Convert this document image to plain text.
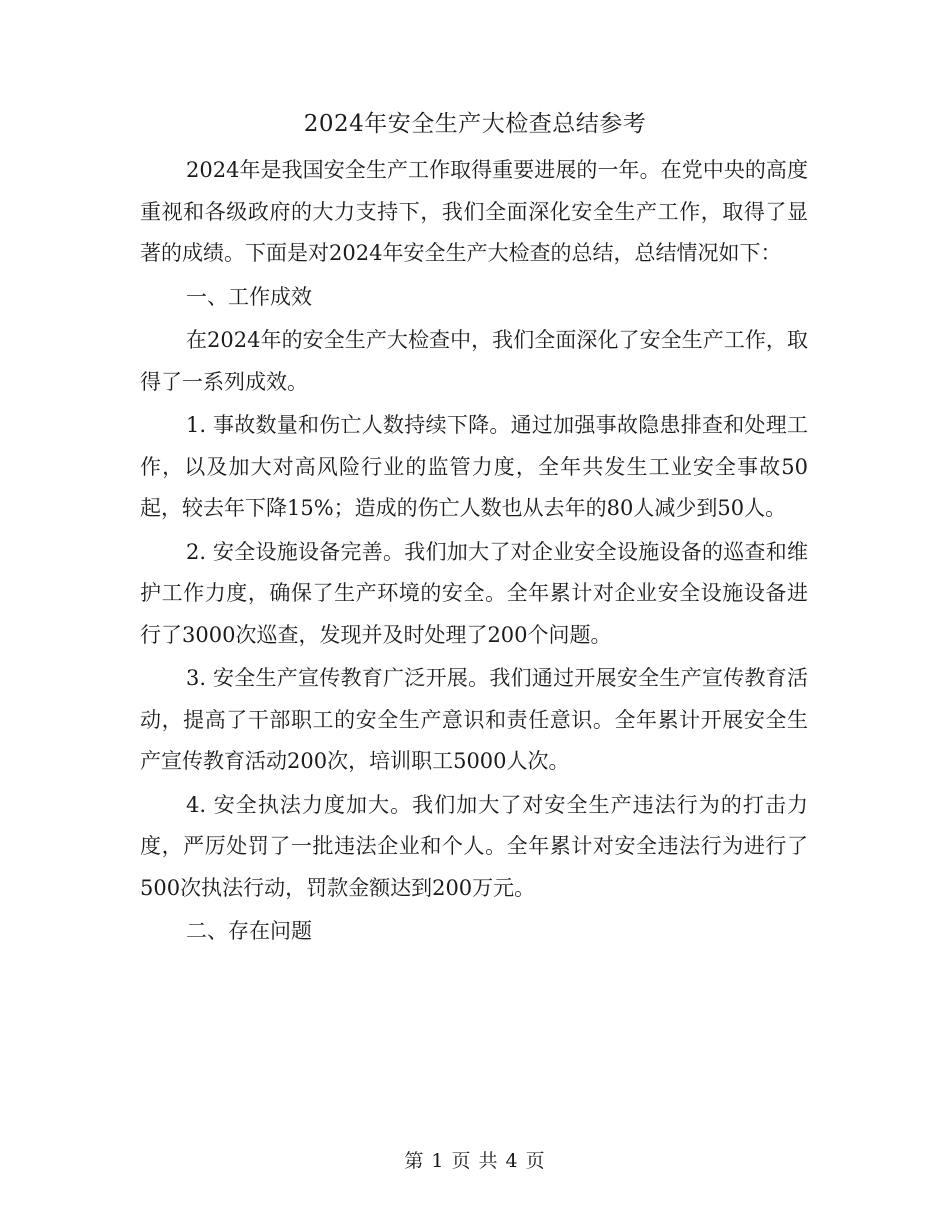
2024年安全生产大检查总结参考

2024年是我国安全生产工作取得重要进展的一年。在党中央的高度重视和各级政府的大力支持下，我们全面深化安全生产工作，取得了显著的成绩。下面是对2024年安全生产大检查的总结，总结情况如下：

一、工作成效

在2024年的安全生产大检查中，我们全面深化了安全生产工作，取得了一系列成效。

1. 事故数量和伤亡人数持续下降。通过加强事故隐患排查和处理工作，以及加大对高风险行业的监管力度，全年共发生工业安全事故50起，较去年下降15%；造成的伤亡人数也从去年的80人减少到50人。

2. 安全设施设备完善。我们加大了对企业安全设施设备的巡查和维护工作力度，确保了生产环境的安全。全年累计对企业安全设施设备进行了3000次巡查，发现并及时处理了200个问题。

3. 安全生产宣传教育广泛开展。我们通过开展安全生产宣传教育活动，提高了干部职工的安全生产意识和责任意识。全年累计开展安全生产宣传教育活动200次，培训职工5000人次。

4. 安全执法力度加大。我们加大了对安全生产违法行为的打击力度，严厉处罚了一批违法企业和个人。全年累计对安全违法行为进行了500次执法行动，罚款金额达到200万元。

二、存在问题

第 1 页 共 4 页
